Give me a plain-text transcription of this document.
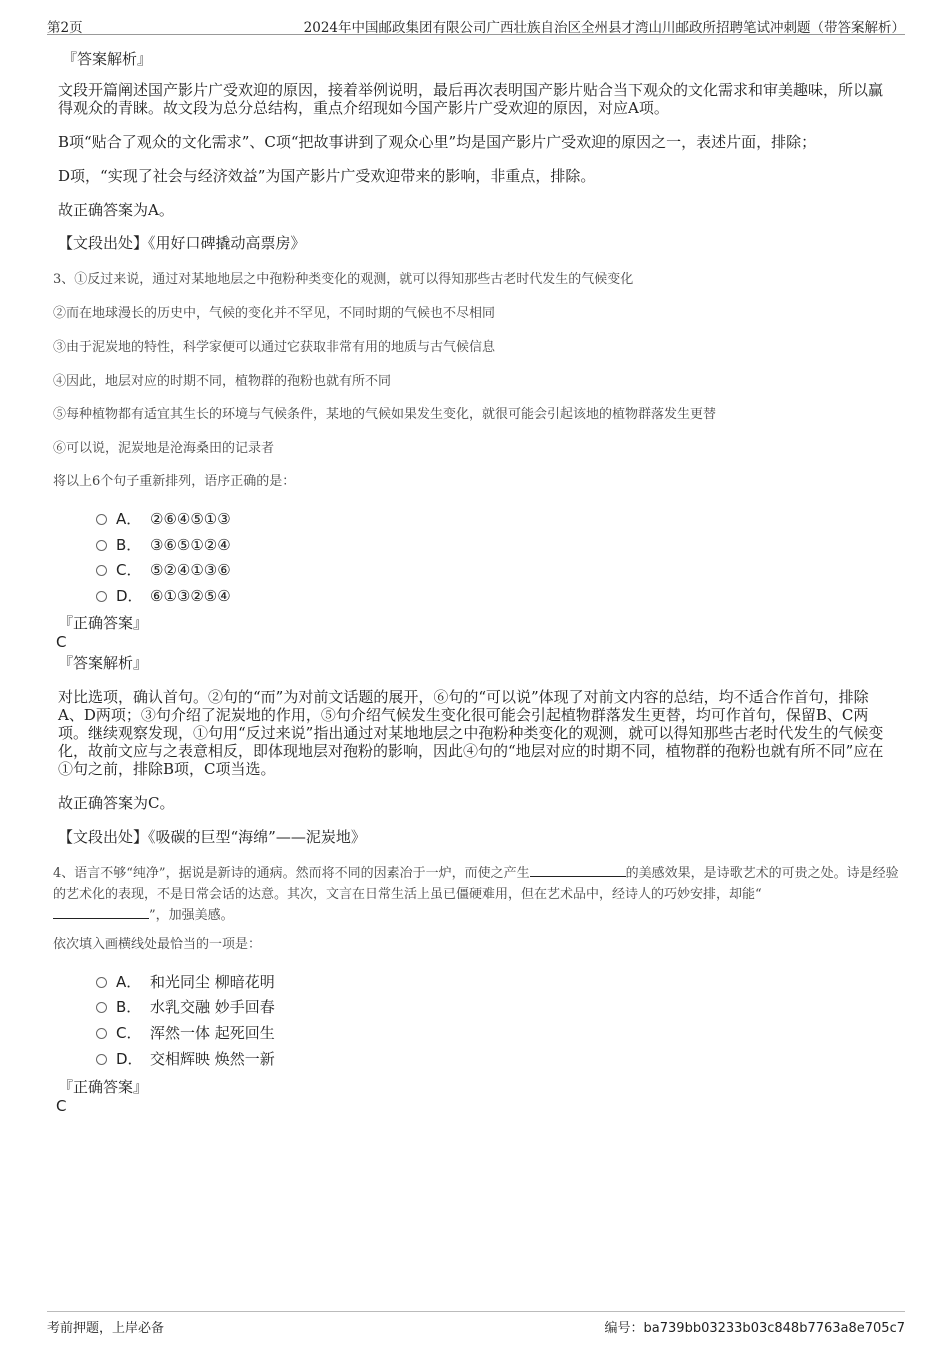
第2页	2024年中国邮政集团有限公司广西壮族自治区全州县才湾山川邮政所招聘笔试冲刺题（带答案解析）
『答案解析』
文段开篇阐述国产影片广受欢迎的原因，接着举例说明，最后再次表明国产影片贴合当下观众的文化需求和审美趣味，所以赢得观众的青睐。故文段为总分总结构，重点介绍现如今国产影片广受欢迎的原因，对应A项。
B项“贴合了观众的文化需求”、C项“把故事讲到了观众心里”均是国产影片广受欢迎的原因之一，表述片面，排除；
D项，“实现了社会与经济效益”为国产影片广受欢迎带来的影响，非重点，排除。
故正确答案为A。
【文段出处】《用好口碑撬动高票房》
3、①反过来说，通过对某地地层之中孢粉种类变化的观测，就可以得知那些古老时代发生的气候变化
②而在地球漫长的历史中，气候的变化并不罕见，不同时期的气候也不尽相同
③由于泥炭地的特性，科学家便可以通过它获取非常有用的地质与古气候信息
④因此，地层对应的时期不同，植物群的孢粉也就有所不同
⑤每种植物都有适宜其生长的环境与气候条件，某地的气候如果发生变化，就很可能会引起该地的植物群落发生更替
⑥可以说，泥炭地是沧海桑田的记录者
将以上6个句子重新排列，语序正确的是：
A． ②⑥④⑤①③
B． ③⑥⑤①②④
C． ⑤②④①③⑥
D． ⑥①③②⑤④
『正确答案』
C
『答案解析』
对比选项，确认首句。②句的“而”为对前文话题的展开，⑥句的“可以说”体现了对前文内容的总结，均不适合作首句，排除A、D两项；③句介绍了泥炭地的作用，⑤句介绍气候发生变化很可能会引起植物群落发生更替，均可作首句，保留B、C两项。继续观察发现，①句用“反过来说”指出通过对某地地层之中孢粉种类变化的观测，就可以得知那些古老时代发生的气候变化，故前文应与之表意相反，即体现地层对孢粉的影响，因此④句的“地层对应的时期不同，植物群的孢粉也就有所不同”应在①句之前，排除B项，C项当选。
故正确答案为C。
【文段出处】《吸碳的巨型“海绵”——泥炭地》
4、语言不够“纯净”，据说是新诗的通病。然而将不同的因素冶于一炉，而使之产生	的美感效果，是诗歌艺术的可贵之处。诗是经验的艺术化的表现，不是日常会话的达意。其次，文言在日常生活上虽已僵硬难用，但在艺术品中，经诗人的巧妙安排，却能“
”，加强美感。
依次填入画横线处最恰当的一项是：
A． 和光同尘 柳暗花明
B． 水乳交融 妙手回春
C． 浑然一体 起死回生
D． 交相辉映 焕然一新
『正确答案』
C
考前押题，上岸必备	编号：ba739bb03233b03c848b7763a8e705c7
